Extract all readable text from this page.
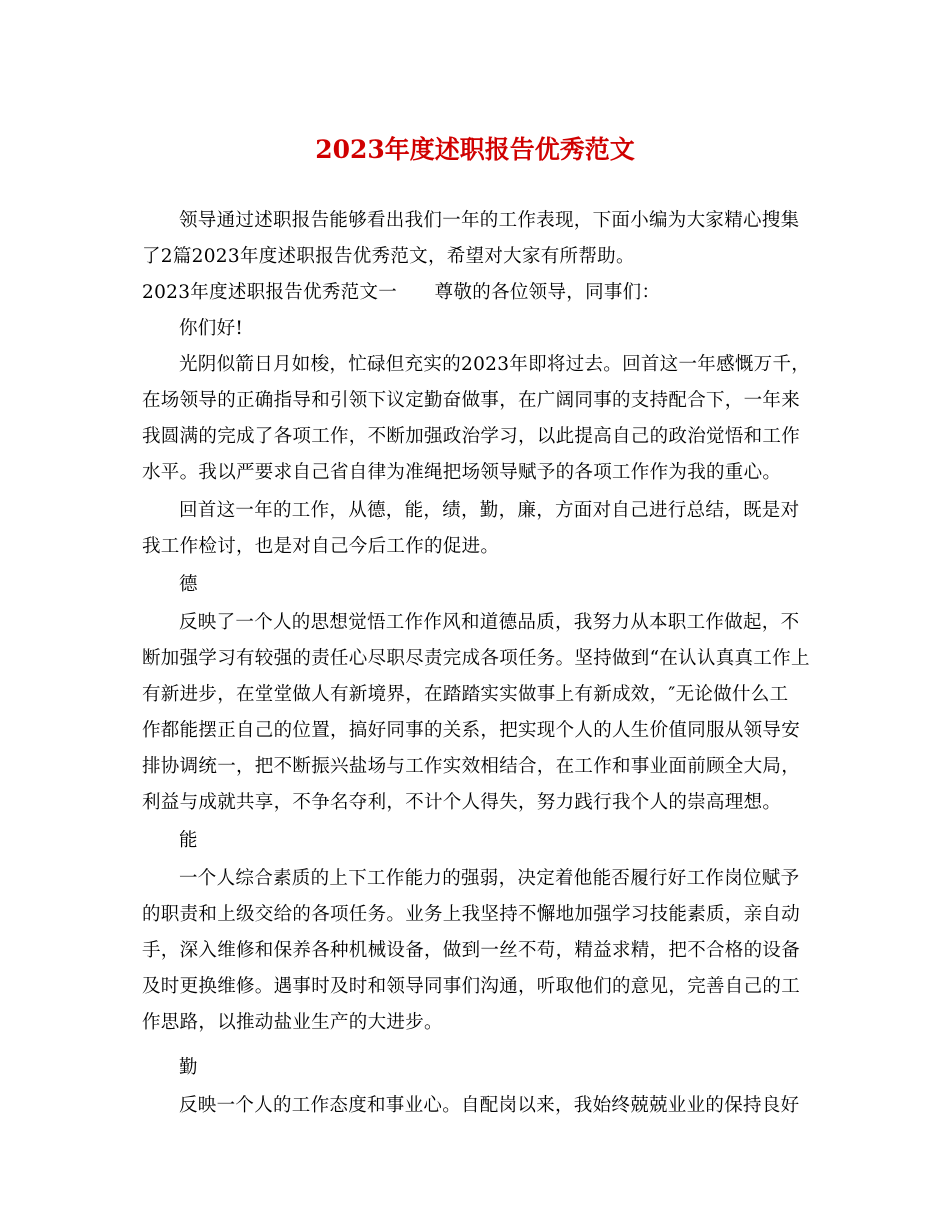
2023年度述职报告优秀范文
领导通过述职报告能够看出我们一年的工作表现，下面小编为大家精心搜集
了2篇2023年度述职报告优秀范文，希望对大家有所帮助。
2023年度述职报告优秀范文一　　尊敬的各位领导，同事们：
你们好!
光阴似箭日月如梭，忙碌但充实的2023年即将过去。回首这一年感慨万千，
在场领导的正确指导和引领下议定勤奋做事，在广阔同事的支持配合下，一年来
我圆满的完成了各项工作，不断加强政治学习，以此提高自己的政治觉悟和工作
水平。我以严要求自己省自律为准绳把场领导赋予的各项工作作为我的重心。
回首这一年的工作，从德，能，绩，勤，廉，方面对自己进行总结，既是对
我工作检讨，也是对自己今后工作的促进。
德
反映了一个人的思想觉悟工作作风和道德品质，我努力从本职工作做起，不
断加强学习有较强的责任心尽职尽责完成各项任务。坚持做到“在认认真真工作上
有新进步，在堂堂做人有新境界，在踏踏实实做事上有新成效，″无论做什么工
作都能摆正自己的位置，搞好同事的关系，把实现个人的人生价值同服从领导安
排协调统一，把不断振兴盐场与工作实效相结合，在工作和事业面前顾全大局，
利益与成就共享，不争名夺利，不计个人得失，努力践行我个人的崇高理想。
能
一个人综合素质的上下工作能力的强弱，决定着他能否履行好工作岗位赋予
的职责和上级交给的各项任务。业务上我坚持不懈地加强学习技能素质，亲自动
手，深入维修和保养各种机械设备，做到一丝不苟，精益求精，把不合格的设备
及时更换维修。遇事时及时和领导同事们沟通，听取他们的意见，完善自己的工
作思路，以推动盐业生产的大进步。
勤
反映一个人的工作态度和事业心。自配岗以来，我始终兢兢业业的保持良好
